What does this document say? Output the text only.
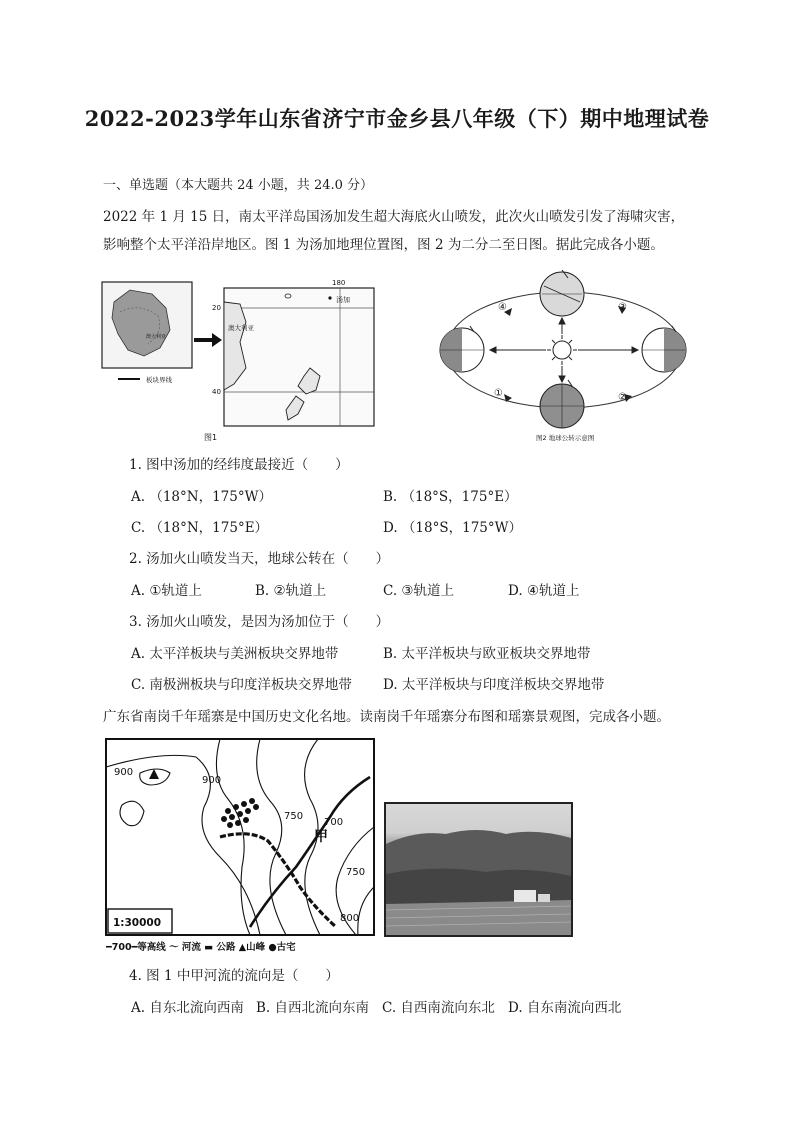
2022-2023学年山东省济宁市金乡县八年级（下）期中地理试卷
一、单选题（本大题共 24 小题，共 24.0 分）
2022 年 1 月 15 日，南太平洋岛国汤加发生超大海底火山喷发，此次火山喷发引发了海啸灾害，
影响整个太平洋沿岸地区。图 1 为汤加地理位置图，图 2 为二分二至日图。据此完成各小题。
澳大利亚
板块界线
20
40
180
澳大利亚
汤加
图1
①	②
③
④
图2 地球公转示意图
1. 图中汤加的经纬度最接近（　　）
A. （18°N，175°W）	B. （18°S，175°E）
C. （18°N，175°E）	D. （18°S，175°W）
2. 汤加火山喷发当天，地球公转在（　　）
A. ①轨道上	B. ②轨道上	C. ③轨道上	D. ④轨道上
3. 汤加火山喷发，是因为汤加位于（　　）
A. 太平洋板块与美洲板块交界地带	B. 太平洋板块与欧亚板块交界地带
C. 南极洲板块与印度洋板块交界地带 D. 太平洋板块与印度洋板块交界地带
广东省南岗千年瑶寨是中国历史文化名地。读南岗千年瑶寨分布图和瑶寨景观图，完成各小题。
900
900
750
700
750
800
甲
1:30000
━700━等高线 〜 河流 ▬ 公路 ▲山峰 ●古宅
4. 图 1 中甲河流的流向是（　　）
A. 自东北流向西南 B. 自西北流向东南 C. 自西南流向东北 D. 自东南流向西北
